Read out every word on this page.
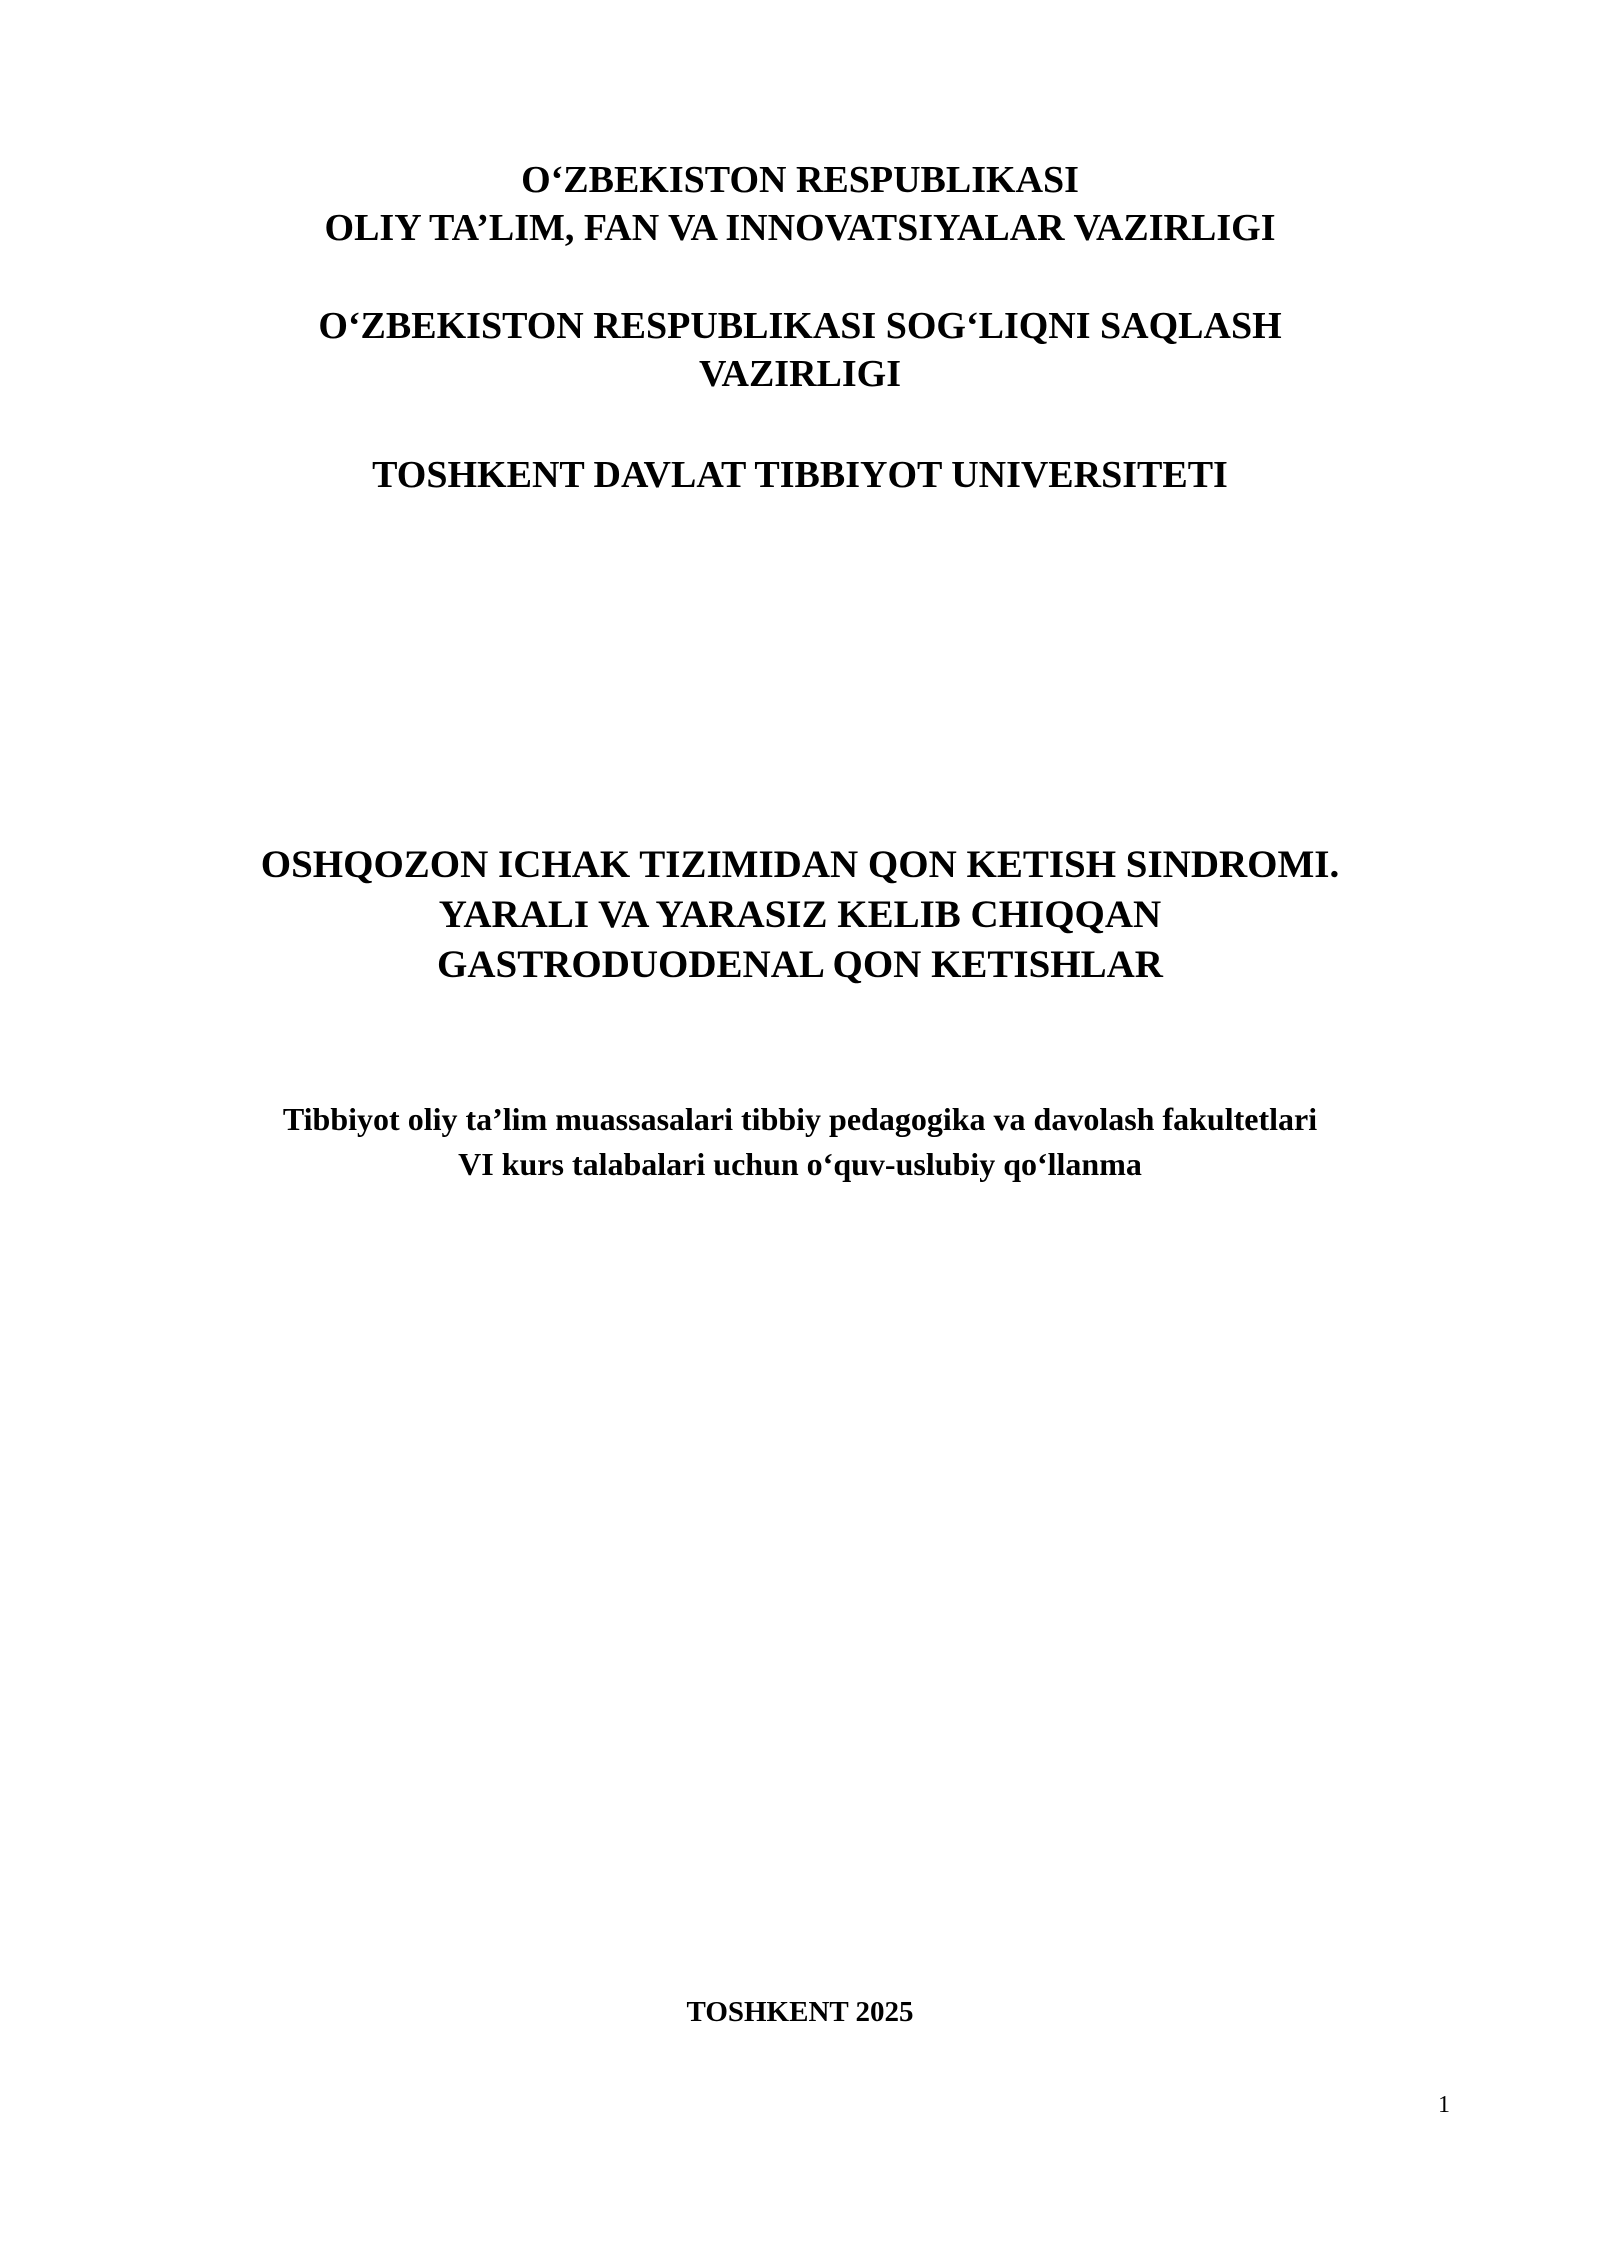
O‘ZBEKISTON RESPUBLIKASI
OLIY TA’LIM, FAN VA INNOVATSIYALAR VAZIRLIGI
O‘ZBEKISTON RESPUBLIKASI SOG‘LIQNI SAQLASH
VAZIRLIGI
TOSHKENT DAVLAT TIBBIYOT UNIVERSITETI
OSHQOZON ICHAK TIZIMIDAN QON KETISH SINDROMI.
YARALI VA YARASIZ KELIB CHIQQAN
GASTRODUODENAL QON KETISHLAR
Tibbiyot oliy ta’lim muassasalari tibbiy pedagogika va davolash fakultetlari
VI kurs talabalari uchun o‘quv-uslubiy qo‘llanma
TOSHKENT 2025
1
